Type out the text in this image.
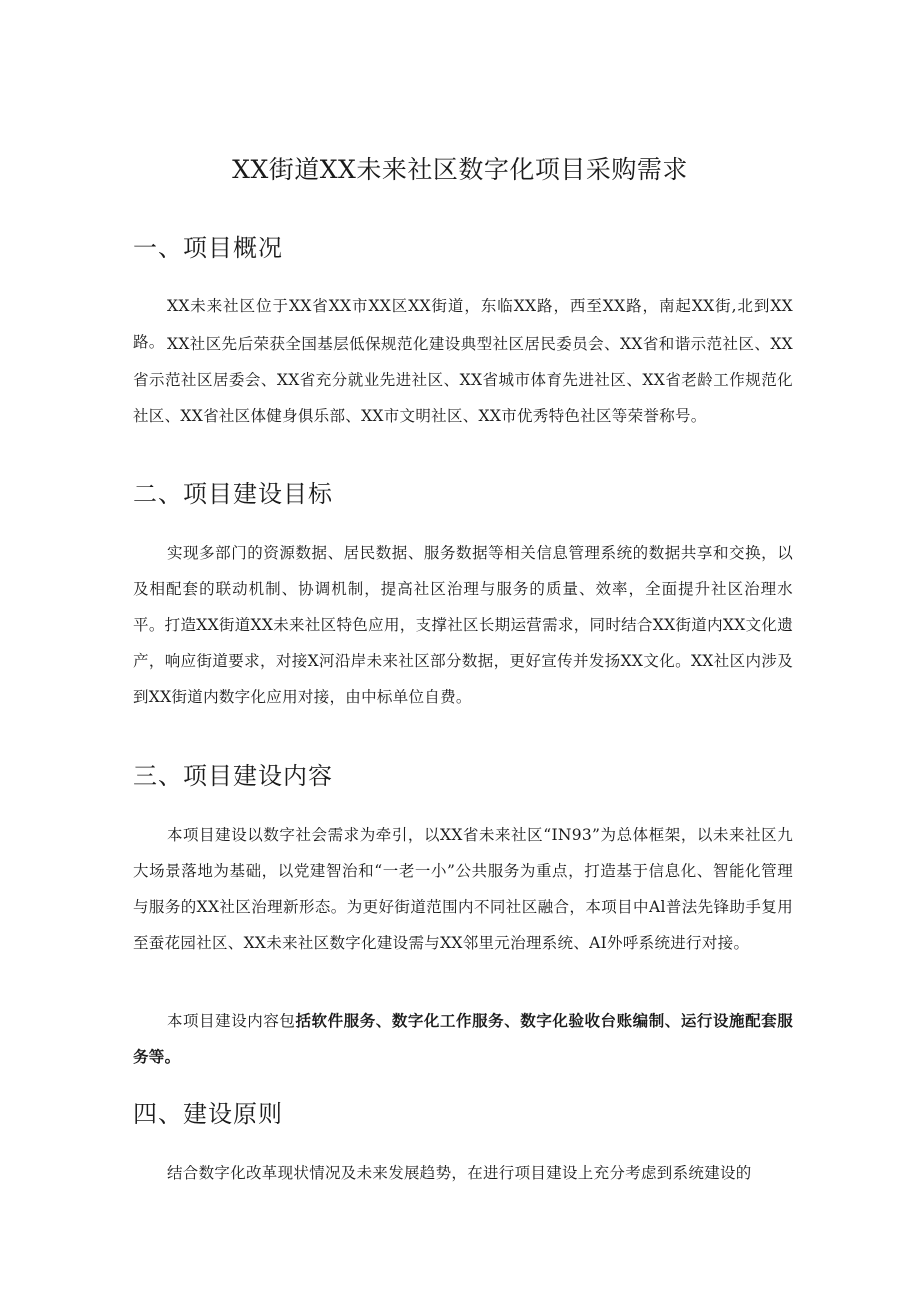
XX街道XX未来社区数字化项目采购需求
一、项目概况

XX未来社区位于XX省XX市XX区XX街道，东临XX路，西至XX路，南起XX街,北到XX路。 XX社区先后荣获全国基层低保规范化建设典型社区居民委员会、XX省和谐示范社区、XX省示范社区居委会、XX省充分就业先进社区、XX省城市体育先进社区、XX省老龄工作规范化社区、XX省社区体健身俱乐部、XX市文明社区、XX市优秀特色社区等荣誉称号。

二、项目建设目标

实现多部门的资源数据、居民数据、服务数据等相关信息管理系统的数据共享和交换，以及相配套的联动机制、协调机制，提高社区治理与服务的质量、效率，全面提升社区治理水平。打造XX街道XX未来社区特色应用，支撑社区长期运营需求，同时结合XX街道内XX文化遗产，响应街道要求，对接X河沿岸未来社区部分数据，更好宣传并发扬XX文化。XX社区内涉及到XX街道内数字化应用对接，由中标单位自费。

三、项目建设内容

本项目建设以数字社会需求为牵引，以XX省未来社区“IN93”为总体框架，以未来社区九大场景落地为基础，以党建智治和“一老一小”公共服务为重点，打造基于信息化、智能化管理与服务的XX社区治理新形态。为更好街道范围内不同社区融合，本项目中Al普法先锋助手复用至蚕花园社区、XX未来社区数字化建设需与XX邻里元治理系统、AI外呼系统进行对接。

本项目建设内容包括软件服务、数字化工作服务、数字化验收台账编制、运行设施配套服务等。

四、建设原则

结合数字化改革现状情况及未来发展趋势，在进行项目建设上充分考虑到系统建设的
